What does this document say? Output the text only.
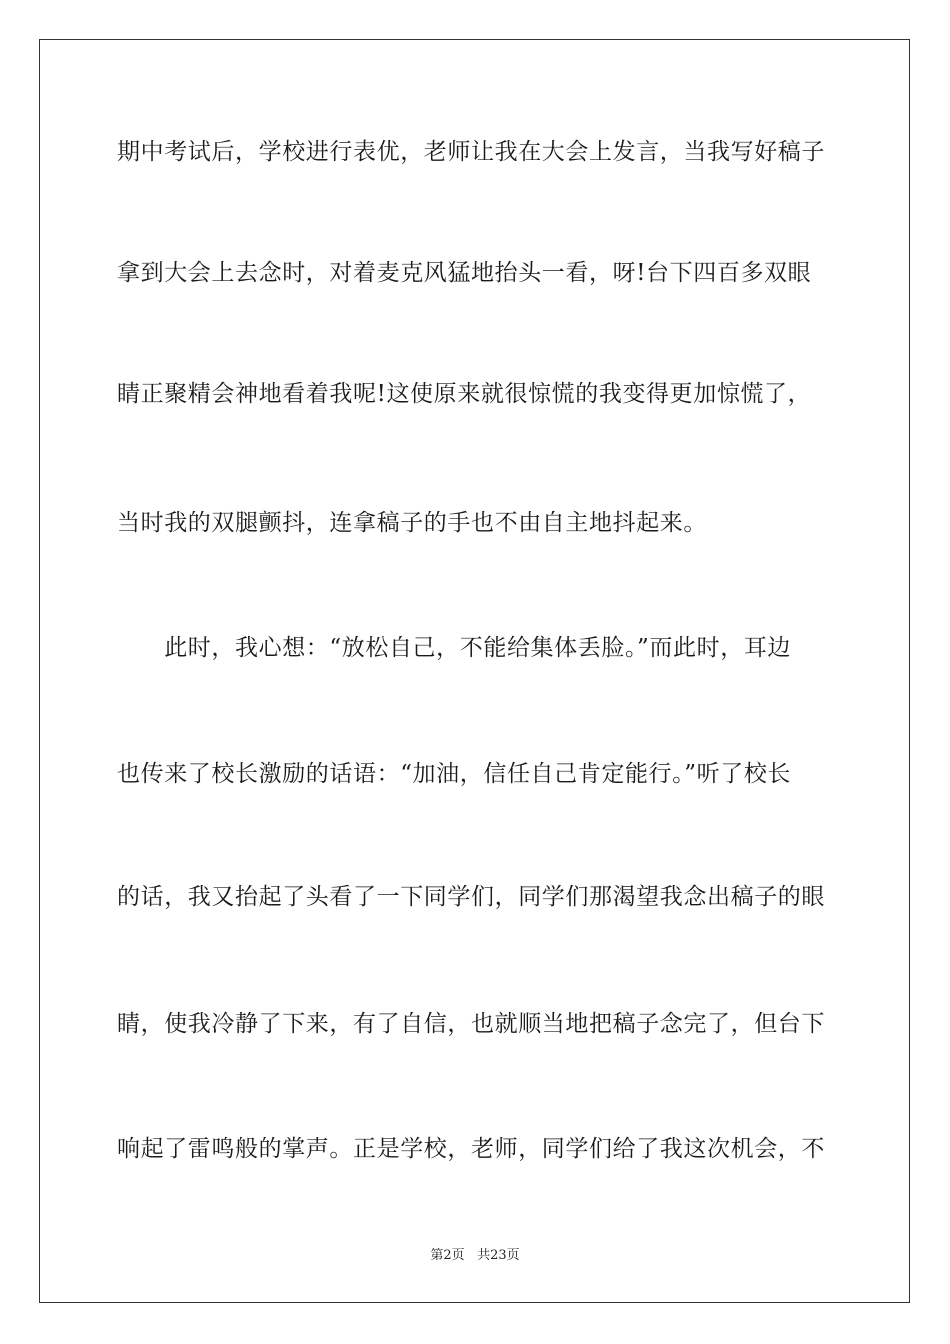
期中考试后，学校进行表优，老师让我在大会上发言，当我写好稿子
拿到大会上去念时，对着麦克风猛地抬头一看，呀!台下四百多双眼
睛正聚精会神地看着我呢!这使原来就很惊慌的我变得更加惊慌了，
当时我的双腿颤抖，连拿稿子的手也不由自主地抖起来。
　　此时，我心想：“放松自己，不能给集体丢脸。”而此时，耳边
也传来了校长激励的话语：“加油，信任自己肯定能行。”听了校长
的话，我又抬起了头看了一下同学们，同学们那渴望我念出稿子的眼
睛，使我冷静了下来，有了自信，也就顺当地把稿子念完了，但台下
响起了雷鸣般的掌声。正是学校，老师，同学们给了我这次机会，不
第2页 共23页
